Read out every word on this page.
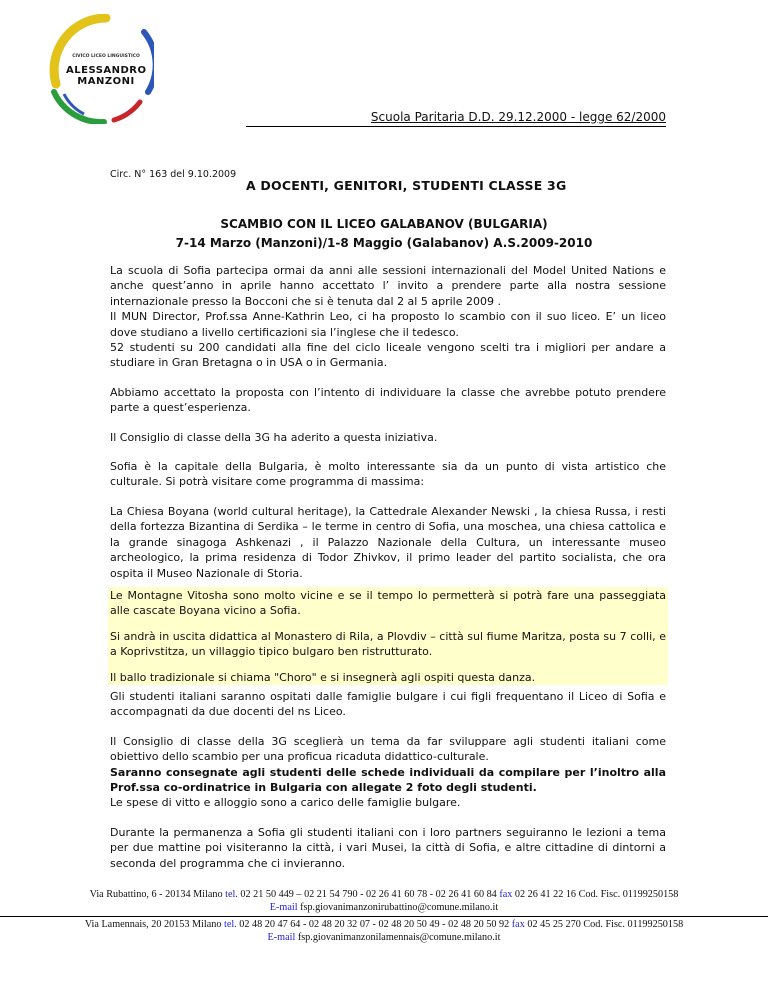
CIVICO LICEO LINGUISTICO
ALESSANDRO
MANZONI
Scuola Paritaria D.D. 29.12.2000 - legge 62/2000
Circ. N° 163 del 9.10.2009
A DOCENTI, GENITORI, STUDENTI CLASSE 3G
SCAMBIO CON IL LICEO GALABANOV (BULGARIA)
7-14 Marzo (Manzoni)/1-8 Maggio (Galabanov) A.S.2009-2010

La scuola di Sofia partecipa ormai da anni alle sessioni internazionali del Model United Nations e anche quest’anno in aprile hanno accettato l’ invito a prendere parte alla nostra sessione internazionale presso la Bocconi che si è tenuta dal 2 al 5 aprile 2009 .

Il MUN Director, Prof.ssa Anne-Kathrin Leo, ci ha proposto lo scambio con il suo liceo. E’ un liceo dove studiano a livello certificazioni sia l’inglese che il tedesco.

52 studenti su 200 candidati alla fine del ciclo liceale vengono scelti tra i migliori per andare a studiare in Gran Bretagna o in USA o in Germania.

Abbiamo accettato la proposta con l’intento di individuare la classe che avrebbe potuto prendere parte a quest’esperienza.

Il Consiglio di classe della 3G ha aderito a questa iniziativa.

Sofia è la capitale della Bulgaria, è molto interessante sia da un punto di vista artistico che culturale. Si potrà visitare come programma di massima:

La Chiesa Boyana (world cultural heritage), la Cattedrale Alexander Newski , la chiesa Russa, i resti della fortezza Bizantina di Serdika – le terme in centro di Sofia, una moschea, una chiesa cattolica e la grande sinagoga Ashkenazi , il Palazzo Nazionale della Cultura, un interessante museo archeologico, la prima residenza di Todor Zhivkov, il primo leader del partito socialista, che ora ospita il Museo Nazionale di Storia.

Le Montagne Vitosha sono molto vicine e se il tempo lo permetterà si potrà fare una passeggiata alle cascate Boyana vicino a Sofia.

Si andrà in uscita didattica al Monastero di Rila, a Plovdiv – città sul fiume Maritza, posta su 7 colli, e a Koprivstitza, un villaggio tipico bulgaro ben ristrutturato.

Il ballo tradizionale si chiama "Choro" e si insegnerà agli ospiti questa danza.

Gli studenti italiani saranno ospitati dalle famiglie bulgare i cui figli frequentano il Liceo di Sofia e accompagnati da due docenti del ns Liceo.

Il Consiglio di classe della 3G sceglierà un tema da far sviluppare agli studenti italiani come obiettivo dello scambio per una proficua ricaduta didattico-culturale.

Saranno consegnate agli studenti delle schede individuali da compilare per l’inoltro alla Prof.ssa co-ordinatrice in Bulgaria con allegate 2 foto degli studenti.

Le spese di vitto e alloggio sono a carico delle famiglie bulgare.

Durante la permanenza a Sofia gli studenti italiani con i loro partners seguiranno le lezioni a tema per due mattine poi visiteranno la città, i vari Musei, la città di Sofia, e altre cittadine di dintorni a seconda del programma che ci invieranno.

Via Rubattino, 6 - 20134 Milano tel. 02 21 50 449 – 02 21 54 790 - 02 26 41 60 78 - 02 26 41 60 84 fax 02 26 41 22 16 Cod. Fisc. 01199250158
E-mail fsp.giovanimanzonirubattino@comune.milano.it
Via Lamennais, 20 20153 Milano tel. 02 48 20 47 64 - 02 48 20 32 07 - 02 48 20 50 49 - 02 48 20 50 92 fax 02 45 25 270 Cod. Fisc. 01199250158
E-mail fsp.giovanimanzonilamennais@comune.milano.it
